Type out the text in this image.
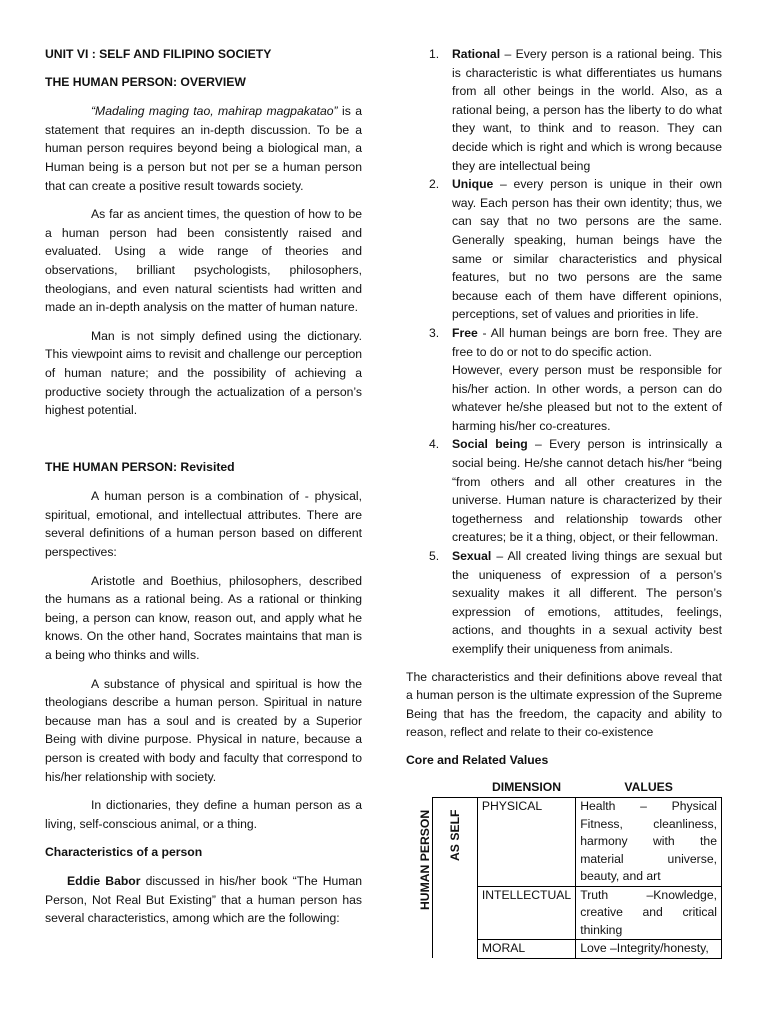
UNIT VI : SELF AND FILIPINO SOCIETY
THE HUMAN PERSON: OVERVIEW

“Madaling maging tao, mahirap magpakatao” is a statement that requires an in-depth discussion. To be a human person requires beyond being a biological man, a Human being is a person but not per se a human person that can create a positive result towards society.

As far as ancient times, the question of how to be a human person had been consistently raised and evaluated. Using a wide range of theories and observations, brilliant psychologists, philosophers, theologians, and even natural scientists had written and made an in-depth analysis on the matter of human nature.

Man is not simply defined using the dictionary. This viewpoint aims to revisit and challenge our perception of human nature; and the possibility of achieving a productive society through the actualization of a person’s highest potential.

THE HUMAN PERSON: Revisited

A human person is a combination of - physical, spiritual, emotional, and intellectual attributes. There are several definitions of a human person based on different perspectives:

Aristotle and Boethius, philosophers, described the humans as a rational being. As a rational or thinking being, a person can know, reason out, and apply what he knows. On the other hand, Socrates maintains that man is a being who thinks and wills.

A substance of physical and spiritual is how the theologians describe a human person. Spiritual in nature because man has a soul and is created by a Superior Being with divine purpose. Physical in nature, because a person is created with body and faculty that correspond to his/her relationship with society.

In dictionaries, they define a human person as a living, self-conscious animal, or a thing.

Characteristics of a person

Eddie Babor discussed in his/her book “The Human Person, Not Real But Existing” that a human person has several characteristics, among which are the following:

1. Rational – Every person is a rational being. This is characteristic is what differentiates us humans from all other beings in the world. Also, as a rational being, a person has the liberty to do what they want, to think and to reason. They can decide which is right and which is wrong because they are intellectual being
2. Unique – every person is unique in their own way. Each person has their own identity; thus, we can say that no two persons are the same. Generally speaking, human beings have the same or similar characteristics and physical features, but no two persons are the same because each of them have different opinions, perceptions, set of values and priorities in life.
3. Free - All human beings are born free. They are free to do or not to do specific action.
However, every person must be responsible for his/her action. In other words, a person can do whatever he/she pleased but not to the extent of harming his/her co-creatures.
4. Social being – Every person is intrinsically a social being. He/she cannot detach his/her “being “from others and all other creatures in the universe. Human nature is characterized by their togetherness and relationship towards other creatures; be it a thing, object, or their fellowman.
5. Sexual – All created living things are sexual but the uniqueness of expression of a person’s sexuality makes it all different. The person’s expression of emotions, attitudes, feelings, actions, and thoughts in a sexual activity best exemplify their uniqueness from animals.

The characteristics and their definitions above reveal that a human person is the ultimate expression of the Supreme Being that has the freedom, the capacity and ability to reason, reflect and relate to their co-existence

Core and Related Values
HUMAN PERSON AS SELF
	DIMENSION	VALUES
	PHYSICAL	Health – Physical Fitness, cleanliness, harmony with the material universe, beauty, and art
	INTELLECTUAL	Truth –Knowledge, creative and critical thinking
	MORAL	Love –Integrity/honesty,
